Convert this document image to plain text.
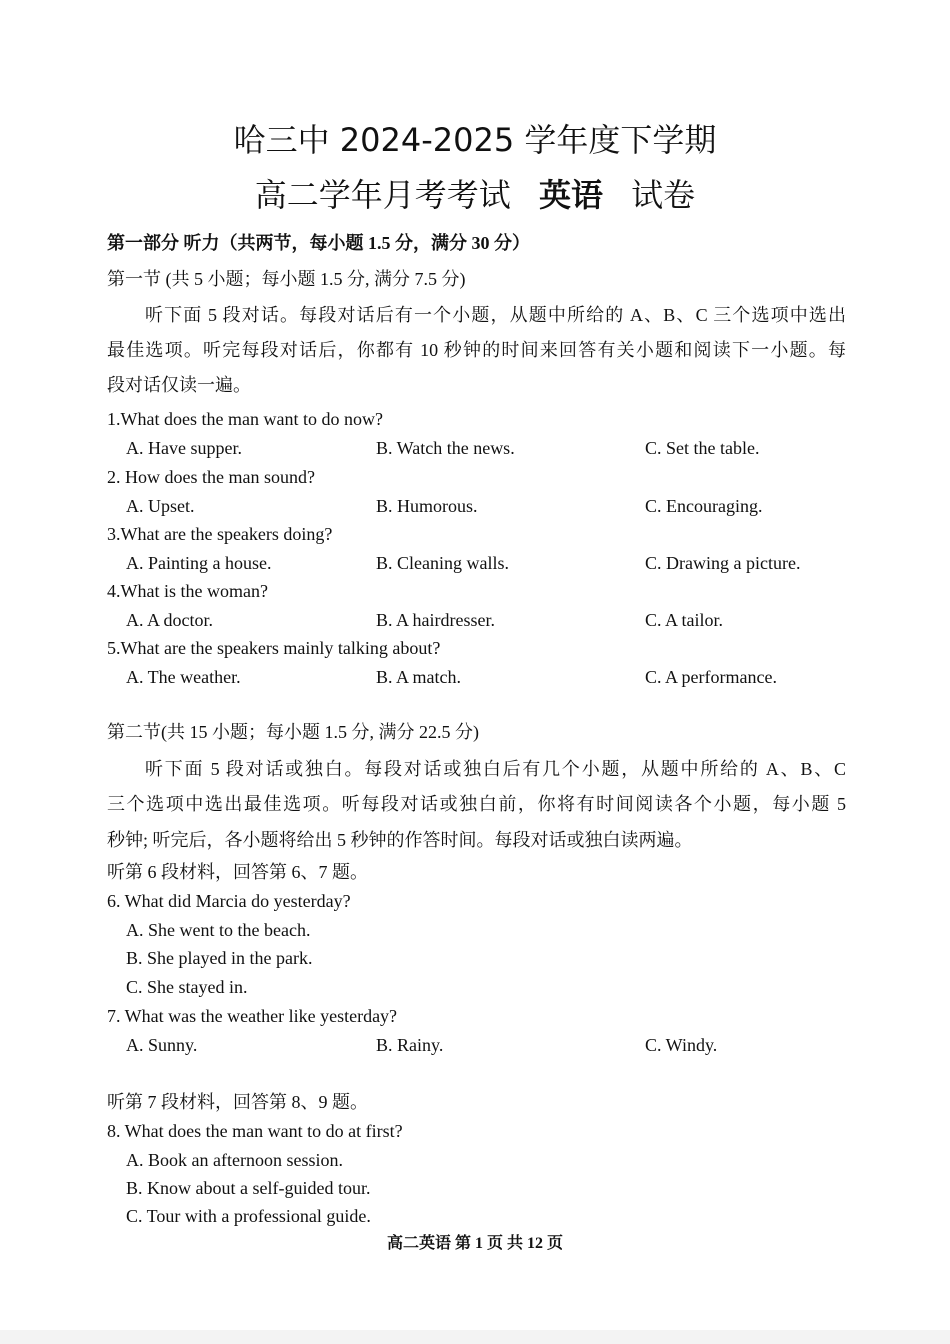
哈三中 2024-2025 学年度下学期
高二学年月考考试 英语 试卷
第一部分 听力（共两节，每小题 1.5 分，满分 30 分）
第一节 (共 5 小题；每小题 1.5 分, 满分 7.5 分)
听下面 5 段对话。每段对话后有一个小题，从题中所给的 A、B、C 三个选项中选出
最佳选项。听完每段对话后，你都有 10 秒钟的时间来回答有关小题和阅读下一小题。每
段对话仅读一遍。
1.What does the man want to do now?
A. Have supper.	B. Watch the news.	C. Set the table.
2. How does the man sound?
A. Upset.	B. Humorous.	C. Encouraging.
3.What are the speakers doing?
A. Painting a house.	B. Cleaning walls.	C. Drawing a picture.
4.What is the woman?
A. A doctor.	B. A hairdresser.	C. A tailor.
5.What are the speakers mainly talking about?
A. The weather.	B. A match.	C. A performance.
第二节(共 15 小题；每小题 1.5 分, 满分 22.5 分)
听下面 5 段对话或独白。每段对话或独白后有几个小题，从题中所给的 A、B、C
三个选项中选出最佳选项。听每段对话或独白前，你将有时间阅读各个小题，每小题 5
秒钟; 听完后，各小题将给出 5 秒钟的作答时间。每段对话或独白读两遍。
听第 6 段材料，回答第 6、7 题。
6. What did Marcia do yesterday?
A. She went to the beach.
B. She played in the park.
C. She stayed in.
7. What was the weather like yesterday?
A. Sunny.	B. Rainy.	C. Windy.
听第 7 段材料，回答第 8、9 题。
8. What does the man want to do at first?
A. Book an afternoon session.
B. Know about a self-guided tour.
C. Tour with a professional guide.
高二英语 第 1 页 共 12 页
